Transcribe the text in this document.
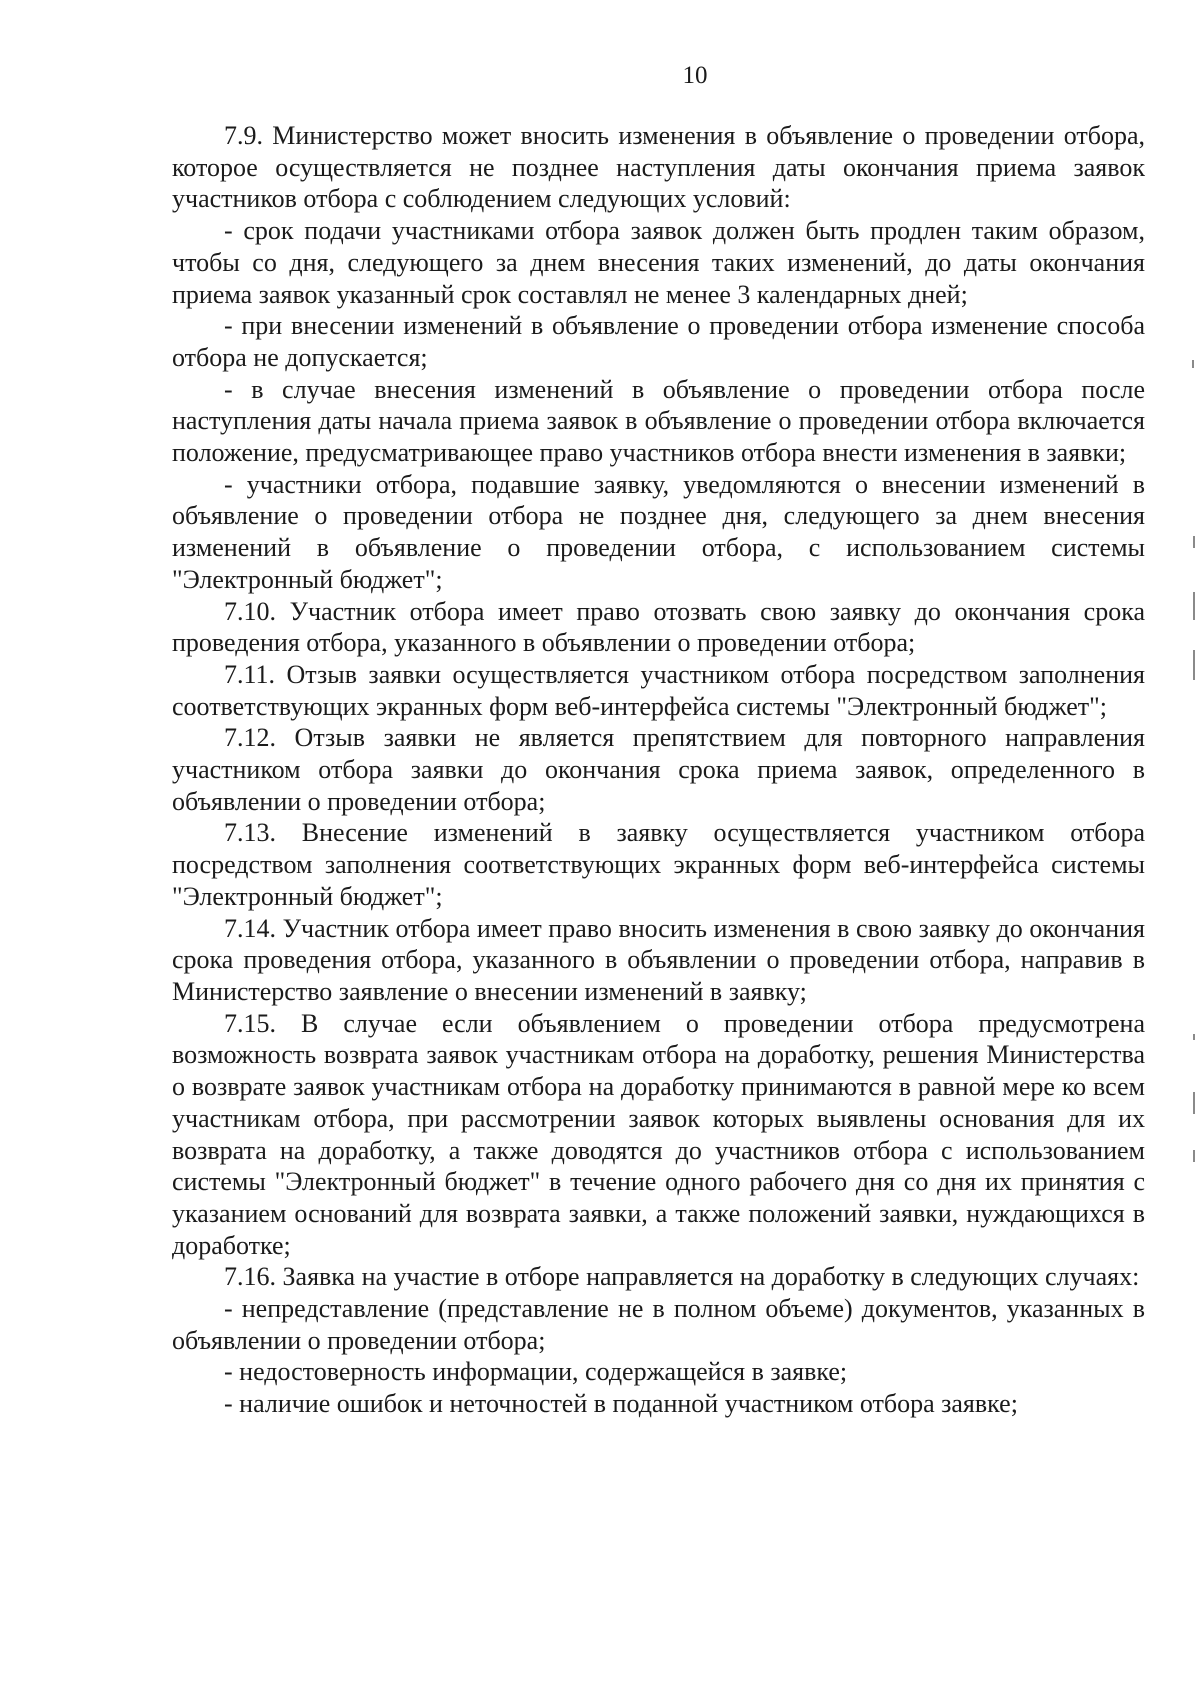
10

7.9. Министерство может вносить изменения в объявление о проведении отбора, которое осуществляется не позднее наступления даты окончания приема заявок участников отбора с соблюдением следующих условий:

- срок подачи участниками отбора заявок должен быть продлен таким образом, чтобы со дня, следующего за днем внесения таких изменений, до даты окончания приема заявок указанный срок составлял не менее 3 календарных дней;

- при внесении изменений в объявление о проведении отбора изменение способа отбора не допускается;

- в случае внесения изменений в объявление о проведении отбора после наступления даты начала приема заявок в объявление о проведении отбора включается положение, предусматривающее право участников отбора внести изменения в заявки;

- участники отбора, подавшие заявку, уведомляются о внесении изменений в объявление о проведении отбора не позднее дня, следующего за днем внесения изменений в объявление о проведении отбора, с использованием системы "Электронный бюджет";

7.10. Участник отбора имеет право отозвать свою заявку до окончания срока проведения отбора, указанного в объявлении о проведении отбора;

7.11. Отзыв заявки осуществляется участником отбора посредством заполнения соответствующих экранных форм веб-интерфейса системы "Электронный бюджет";

7.12. Отзыв заявки не является препятствием для повторного направления участником отбора заявки до окончания срока приема заявок, определенного в объявлении о проведении отбора;

7.13. Внесение изменений в заявку осуществляется участником отбора посредством заполнения соответствующих экранных форм веб-интерфейса системы "Электронный бюджет";

7.14. Участник отбора имеет право вносить изменения в свою заявку до окончания срока проведения отбора, указанного в объявлении о проведении отбора, направив в Министерство заявление о внесении изменений в заявку;

7.15. В случае если объявлением о проведении отбора предусмотрена возможность возврата заявок участникам отбора на доработку, решения Министерства о возврате заявок участникам отбора на доработку принимаются в равной мере ко всем участникам отбора, при рассмотрении заявок которых выявлены основания для их возврата на доработку, а также доводятся до участников отбора с использованием системы "Электронный бюджет" в течение одного рабочего дня со дня их принятия с указанием оснований для возврата заявки, а также положений заявки, нуждающихся в доработке;

7.16. Заявка на участие в отборе направляется на доработку в следующих случаях:

- непредставление (представление не в полном объеме) документов, указанных в объявлении о проведении отбора;

- недостоверность информации, содержащейся в заявке;

- наличие ошибок и неточностей в поданной участником отбора заявке;
